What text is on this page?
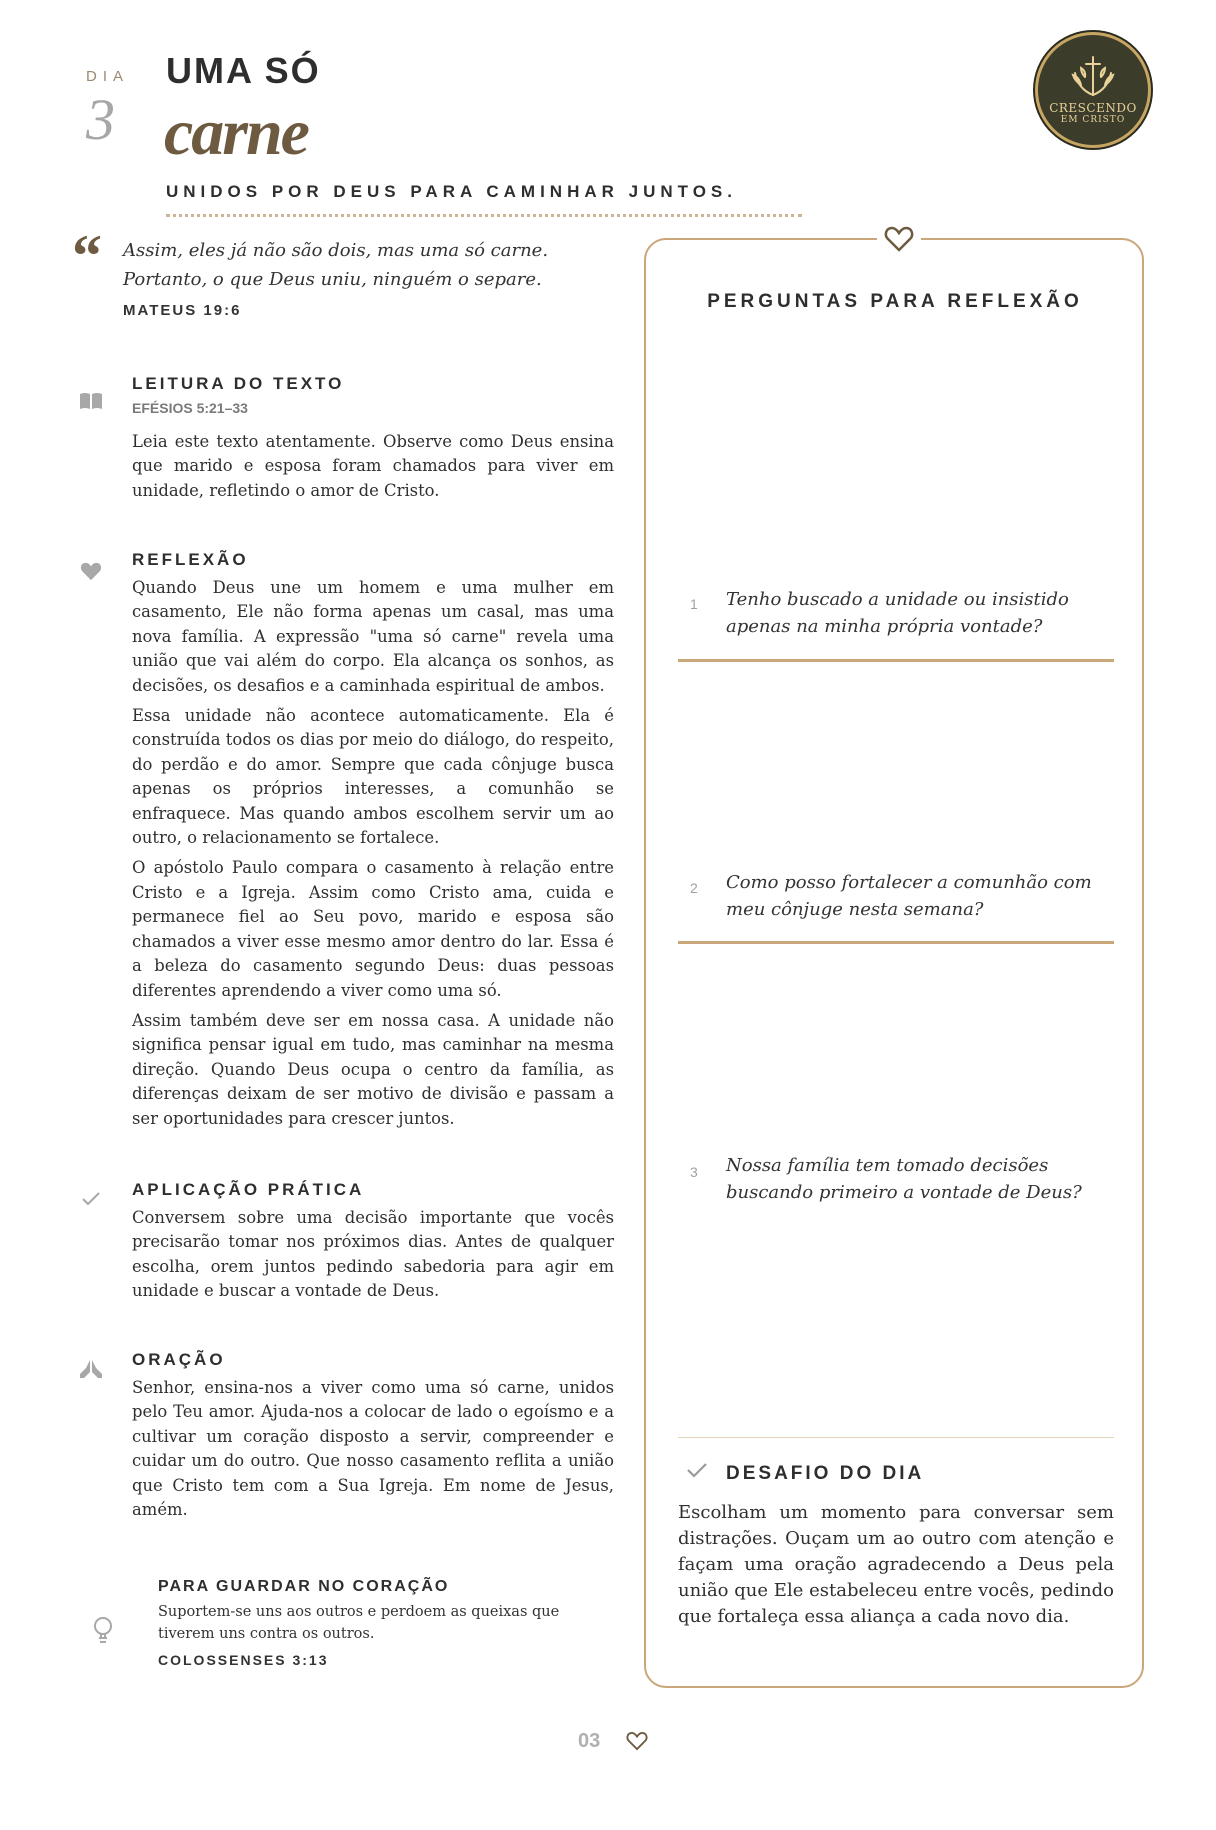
DIA
3
UMA SÓ
carne
UNIDOS POR DEUS PARA CAMINHAR JUNTOS.
CRESCENDO
EM CRISTO
“ Assim, eles já não são dois, mas uma só carne. Portanto, o que Deus uniu, ninguém o separe.
MATEUS 19:6
LEITURA DO TEXTO
EFÉSIOS 5:21–33
Leia este texto atentamente. Observe como Deus ensina que marido e esposa foram chamados para viver em unidade, refletindo o amor de Cristo.
REFLEXÃO

Quando Deus une um homem e uma mulher em casamento, Ele não forma apenas um casal, mas uma nova família. A expressão "uma só carne" revela uma união que vai além do corpo. Ela alcança os sonhos, as decisões, os desafios e a caminhada espiritual de ambos.

Essa unidade não acontece automaticamente. Ela é construída todos os dias por meio do diálogo, do respeito, do perdão e do amor. Sempre que cada cônjuge busca apenas os próprios interesses, a comunhão se enfraquece. Mas quando ambos escolhem servir um ao outro, o relacionamento se fortalece.

O apóstolo Paulo compara o casamento à relação entre Cristo e a Igreja. Assim como Cristo ama, cuida e permanece fiel ao Seu povo, marido e esposa são chamados a viver esse mesmo amor dentro do lar. Essa é a beleza do casamento segundo Deus: duas pessoas diferentes aprendendo a viver como uma só.

Assim também deve ser em nossa casa. A unidade não significa pensar igual em tudo, mas caminhar na mesma direção. Quando Deus ocupa o centro da família, as diferenças deixam de ser motivo de divisão e passam a ser oportunidades para crescer juntos.

APLICAÇÃO PRÁTICA
Conversem sobre uma decisão importante que vocês precisarão tomar nos próximos dias. Antes de qualquer escolha, orem juntos pedindo sabedoria para agir em unidade e buscar a vontade de Deus.
ORAÇÃO
Senhor, ensina-nos a viver como uma só carne, unidos pelo Teu amor. Ajuda-nos a colocar de lado o egoísmo e a cultivar um coração disposto a servir, compreender e cuidar um do outro. Que nosso casamento reflita a união que Cristo tem com a Sua Igreja. Em nome de Jesus, amém.
PARA GUARDAR NO CORAÇÃO
Suportem-se uns aos outros e perdoem as queixas que tiverem uns contra os outros.
COLOSSENSES 3:13
PERGUNTAS PARA REFLEXÃO
1 Tenho buscado a unidade ou insistido apenas na minha própria vontade?
2 Como posso fortalecer a comunhão com meu cônjuge nesta semana?
3 Nossa família tem tomado decisões buscando primeiro a vontade de Deus?
DESAFIO DO DIA
Escolham um momento para conversar sem distrações. Ouçam um ao outro com atenção e façam uma oração agradecendo a Deus pela união que Ele estabeleceu entre vocês, pedindo que fortaleça essa aliança a cada novo dia.
03
